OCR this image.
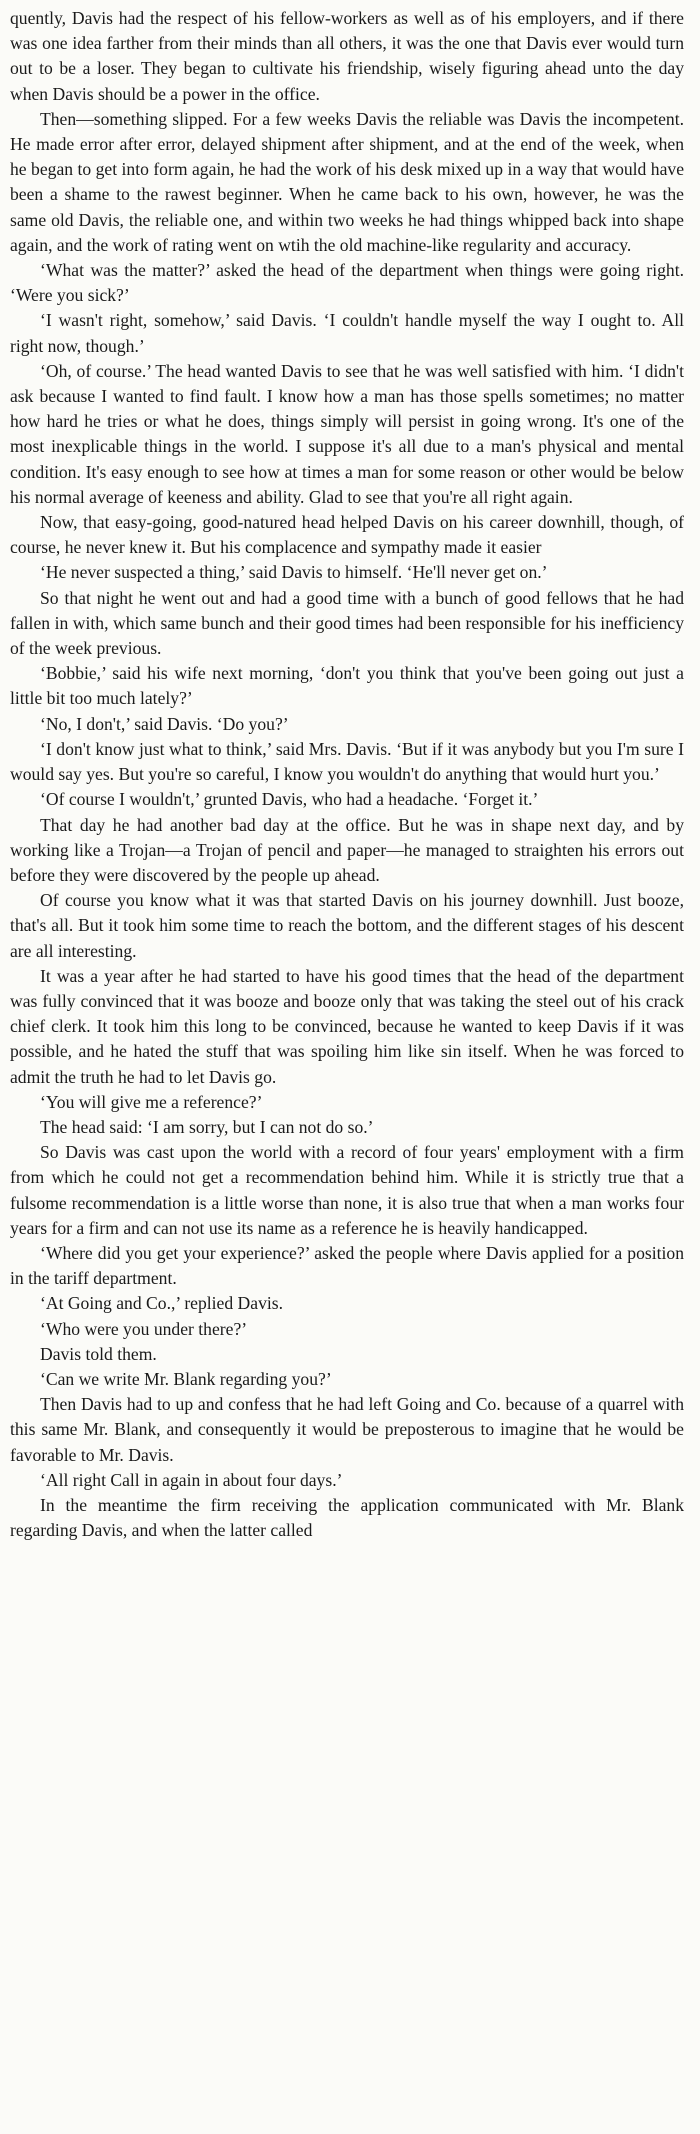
quently, Davis had the respect of his fellow-workers as well as of his employers, and if there was one idea farther from their minds than all others, it was the one that Davis ever would turn out to be a loser. They began to cultivate his friendship, wisely figuring ahead unto the day when Davis should be a power in the office.

Then—something slipped. For a few weeks Davis the reliable was Davis the incompetent. He made error after error, delayed shipment after shipment, and at the end of the week, when he began to get into form again, he had the work of his desk mixed up in a way that would have been a shame to the rawest beginner. When he came back to his own, however, he was the same old Davis, the reliable one, and within two weeks he had things whipped back into shape again, and the work of rating went on wtih the old machine-like regularity and accuracy.

‘What was the matter?’ asked the head of the department when things were going right. ‘Were you sick?’

‘I wasn't right, somehow,’ said Davis. ‘I couldn't handle myself the way I ought to. All right now, though.’

‘Oh, of course.’ The head wanted Davis to see that he was well satisfied with him. ‘I didn't ask because I wanted to find fault. I know how a man has those spells sometimes; no matter how hard he tries or what he does, things simply will persist in going wrong. It's one of the most inexplicable things in the world. I suppose it's all due to a man's physical and mental condition. It's easy enough to see how at times a man for some reason or other would be below his normal average of keeness and ability. Glad to see that you're all right again.

Now, that easy-going, good-natured head helped Davis on his career downhill, though, of course, he never knew it. But his complacence and sympathy made it easier

‘He never suspected a thing,’ said Davis to himself. ‘He'll never get on.’

So that night he went out and had a good time with a bunch of good fellows that he had fallen in with, which same bunch and their good times had been responsible for his inefficiency of the week previous.

‘Bobbie,’ said his wife next morning, ‘don't you think that you've been going out just a little bit too much lately?’

‘No, I don't,’ said Davis. ‘Do you?’

‘I don't know just what to think,’ said Mrs. Davis. ‘But if it was anybody but you I'm sure I would say yes. But you're so careful, I know you wouldn't do anything that would hurt you.’

‘Of course I wouldn't,’ grunted Davis, who had a headache. ‘Forget it.’

That day he had another bad day at the office. But he was in shape next day, and by working like a Trojan—a Trojan of pencil and paper—he managed to straighten his errors out before they were discovered by the people up ahead.

Of course you know what it was that started Davis on his journey downhill. Just booze, that's all. But it took him some time to reach the bottom, and the different stages of his descent are all interesting.

It was a year after he had started to have his good times that the head of the department was fully convinced that it was booze and booze only that was taking the steel out of his crack chief clerk. It took him this long to be convinced, because he wanted to keep Davis if it was possible, and he hated the stuff that was spoiling him like sin itself. When he was forced to admit the truth he had to let Davis go.

‘You will give me a reference?’

The head said: ‘I am sorry, but I can not do so.’

So Davis was cast upon the world with a record of four years' employment with a firm from which he could not get a recommendation behind him. While it is strictly true that a fulsome recommendation is a little worse than none, it is also true that when a man works four years for a firm and can not use its name as a reference he is heavily handicapped.

‘Where did you get your experience?’ asked the people where Davis applied for a position in the tariff department.

‘At Going and Co.,’ replied Davis.

‘Who were you under there?’

Davis told them.

‘Can we write Mr. Blank regarding you?’

Then Davis had to up and confess that he had left Going and Co. because of a quarrel with this same Mr. Blank, and consequently it would be preposterous to imagine that he would be favorable to Mr. Davis.

‘All right Call in again in about four days.’

In the meantime the firm receiving the application communicated with Mr. Blank regarding Davis, and when the latter called
